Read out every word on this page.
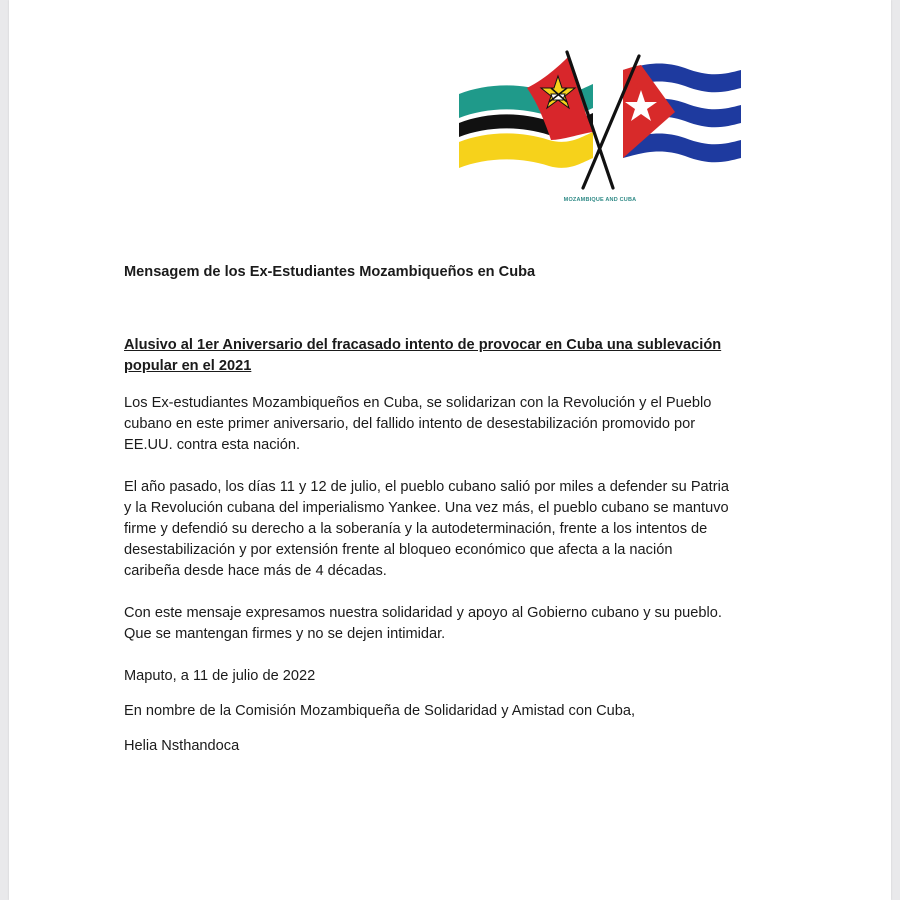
MOZAMBIQUE AND CUBA
Mensagem de los Ex-Estudiantes Mozambiqueños en Cuba
Alusivo al 1er Aniversario del fracasado intento de provocar en Cuba una sublevación
popular en el 2021

Los Ex-estudiantes Mozambiqueños en Cuba, se solidarizan con la Revolución y el Pueblo
cubano en este primer aniversario, del fallido intento de desestabilización promovido por
EE.UU. contra esta nación.

El año pasado, los días 11 y 12 de julio, el pueblo cubano salió por miles a defender su Patria
y la Revolución cubana del imperialismo Yankee. Una vez más, el pueblo cubano se mantuvo
firme y defendió su derecho a la soberanía y la autodeterminación, frente a los intentos de
desestabilización y por extensión frente al bloqueo económico que afecta a la nación
caribeña desde hace más de 4 décadas.

Con este mensaje expresamos nuestra solidaridad y apoyo al Gobierno cubano y su pueblo.
Que se mantengan firmes y no se dejen intimidar.

Maputo, a 11 de julio de 2022

En nombre de la Comisión Mozambiqueña de Solidaridad y Amistad con Cuba,

Helia Nsthandoca
